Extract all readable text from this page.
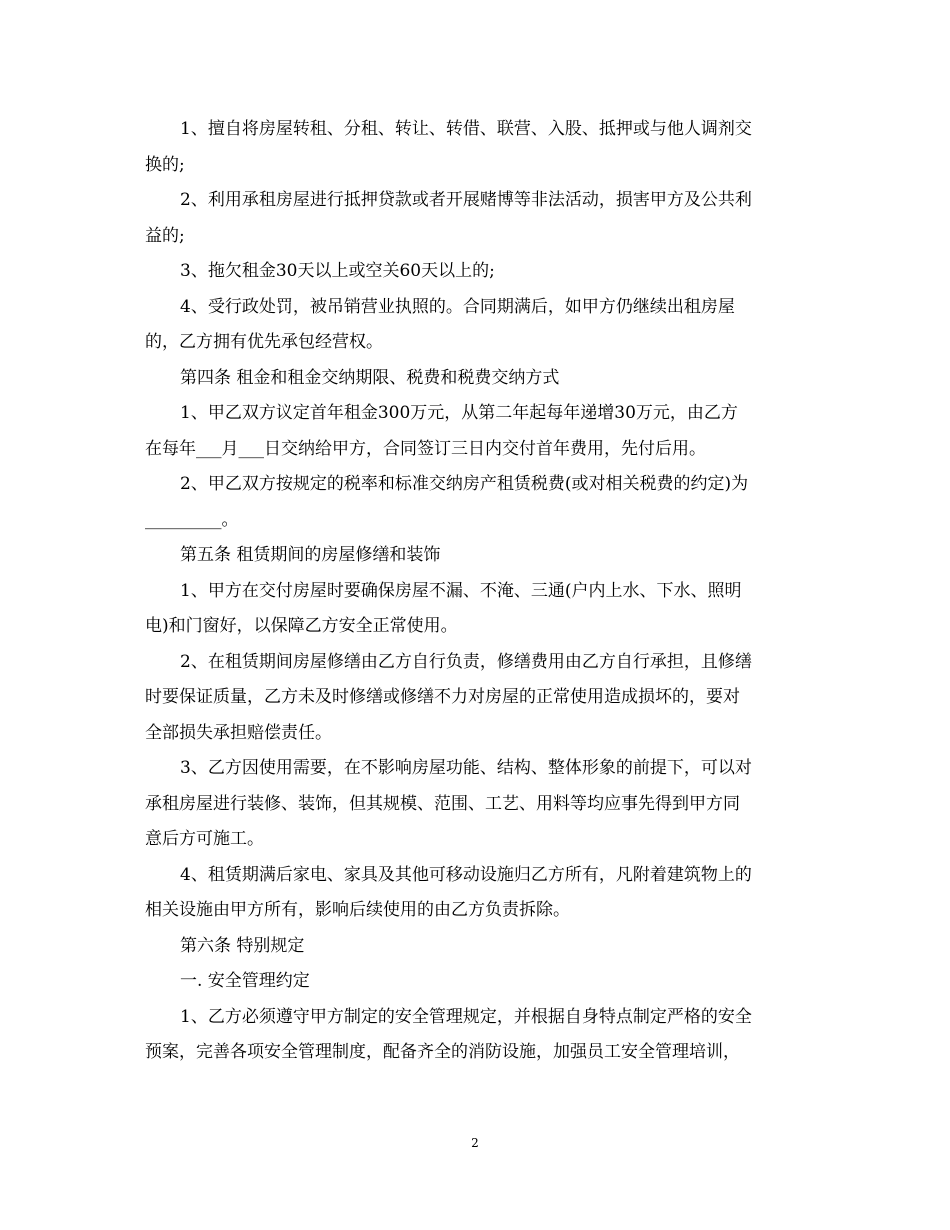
1、擅自将房屋转租、分租、转让、转借、联营、入股、抵押或与他人调剂交
换的;
2、利用承租房屋进行抵押贷款或者开展赌博等非法活动，损害甲方及公共利
益的;
3、拖欠租金30天以上或空关60天以上的;
4、受行政处罚，被吊销营业执照的。合同期满后，如甲方仍继续出租房屋
的，乙方拥有优先承包经营权。
第四条 租金和租金交纳期限、税费和税费交纳方式
1、甲乙双方议定首年租金300万元，从第二年起每年递增30万元，由乙方
在每年___月___日交纳给甲方，合同签订三日内交付首年费用，先付后用。
2、甲乙双方按规定的税率和标准交纳房产租赁税费(或对相关税费的约定)为
_________。
第五条 租赁期间的房屋修缮和装饰
1、甲方在交付房屋时要确保房屋不漏、不淹、三通(户内上水、下水、照明
电)和门窗好，以保障乙方安全正常使用。
2、在租赁期间房屋修缮由乙方自行负责，修缮费用由乙方自行承担，且修缮
时要保证质量，乙方未及时修缮或修缮不力对房屋的正常使用造成损坏的，要对
全部损失承担赔偿责任。
3、乙方因使用需要，在不影响房屋功能、结构、整体形象的前提下，可以对
承租房屋进行装修、装饰，但其规模、范围、工艺、用料等均应事先得到甲方同
意后方可施工。
4、租赁期满后家电、家具及其他可移动设施归乙方所有，凡附着建筑物上的
相关设施由甲方所有，影响后续使用的由乙方负责拆除。
第六条 特别规定
一. 安全管理约定
1、乙方必须遵守甲方制定的安全管理规定，并根据自身特点制定严格的安全
预案，完善各项安全管理制度，配备齐全的消防设施，加强员工安全管理培训，
2
